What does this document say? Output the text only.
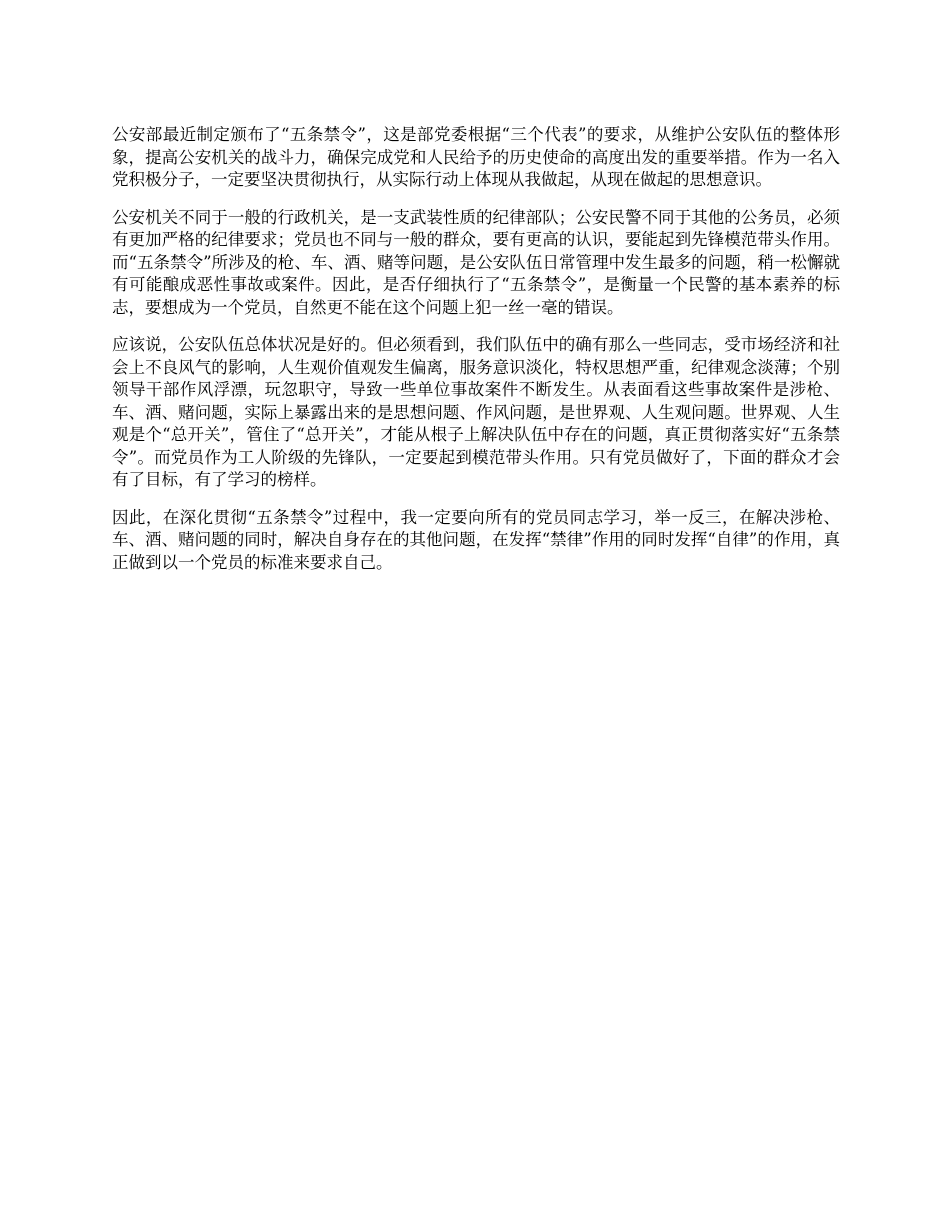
公安部最近制定颁布了“五条禁令”，这是部党委根据“三个代表”的要求，从维护公安队伍的整体形象，提高公安机关的战斗力，确保完成党和人民给予的历史使命的高度出发的重要举措。作为一名入党积极分子，一定要坚决贯彻执行，从实际行动上体现从我做起，从现在做起的思想意识。

公安机关不同于一般的行政机关，是一支武装性质的纪律部队；公安民警不同于其他的公务员，必须有更加严格的纪律要求；党员也不同与一般的群众，要有更高的认识，要能起到先锋模范带头作用。而“五条禁令”所涉及的枪、车、酒、赌等问题，是公安队伍日常管理中发生最多的问题，稍一松懈就有可能酿成恶性事故或案件。因此，是否仔细执行了“五条禁令”，是衡量一个民警的基本素养的标志，要想成为一个党员，自然更不能在这个问题上犯一丝一毫的错误。

应该说，公安队伍总体状况是好的。但必须看到，我们队伍中的确有那么一些同志，受市场经济和社会上不良风气的影响，人生观价值观发生偏离，服务意识淡化，特权思想严重，纪律观念淡薄；个别领导干部作风浮漂，玩忽职守，导致一些单位事故案件不断发生。从表面看这些事故案件是涉枪、车、酒、赌问题，实际上暴露出来的是思想问题、作风问题，是世界观、人生观问题。世界观、人生观是个“总开关”，管住了“总开关”，才能从根子上解决队伍中存在的问题，真正贯彻落实好“五条禁令”。而党员作为工人阶级的先锋队，一定要起到模范带头作用。只有党员做好了，下面的群众才会有了目标，有了学习的榜样。

因此，在深化贯彻“五条禁令”过程中，我一定要向所有的党员同志学习，举一反三，在解决涉枪、车、酒、赌问题的同时，解决自身存在的其他问题，在发挥“禁律”作用的同时发挥“自律”的作用，真正做到以一个党员的标准来要求自己。
